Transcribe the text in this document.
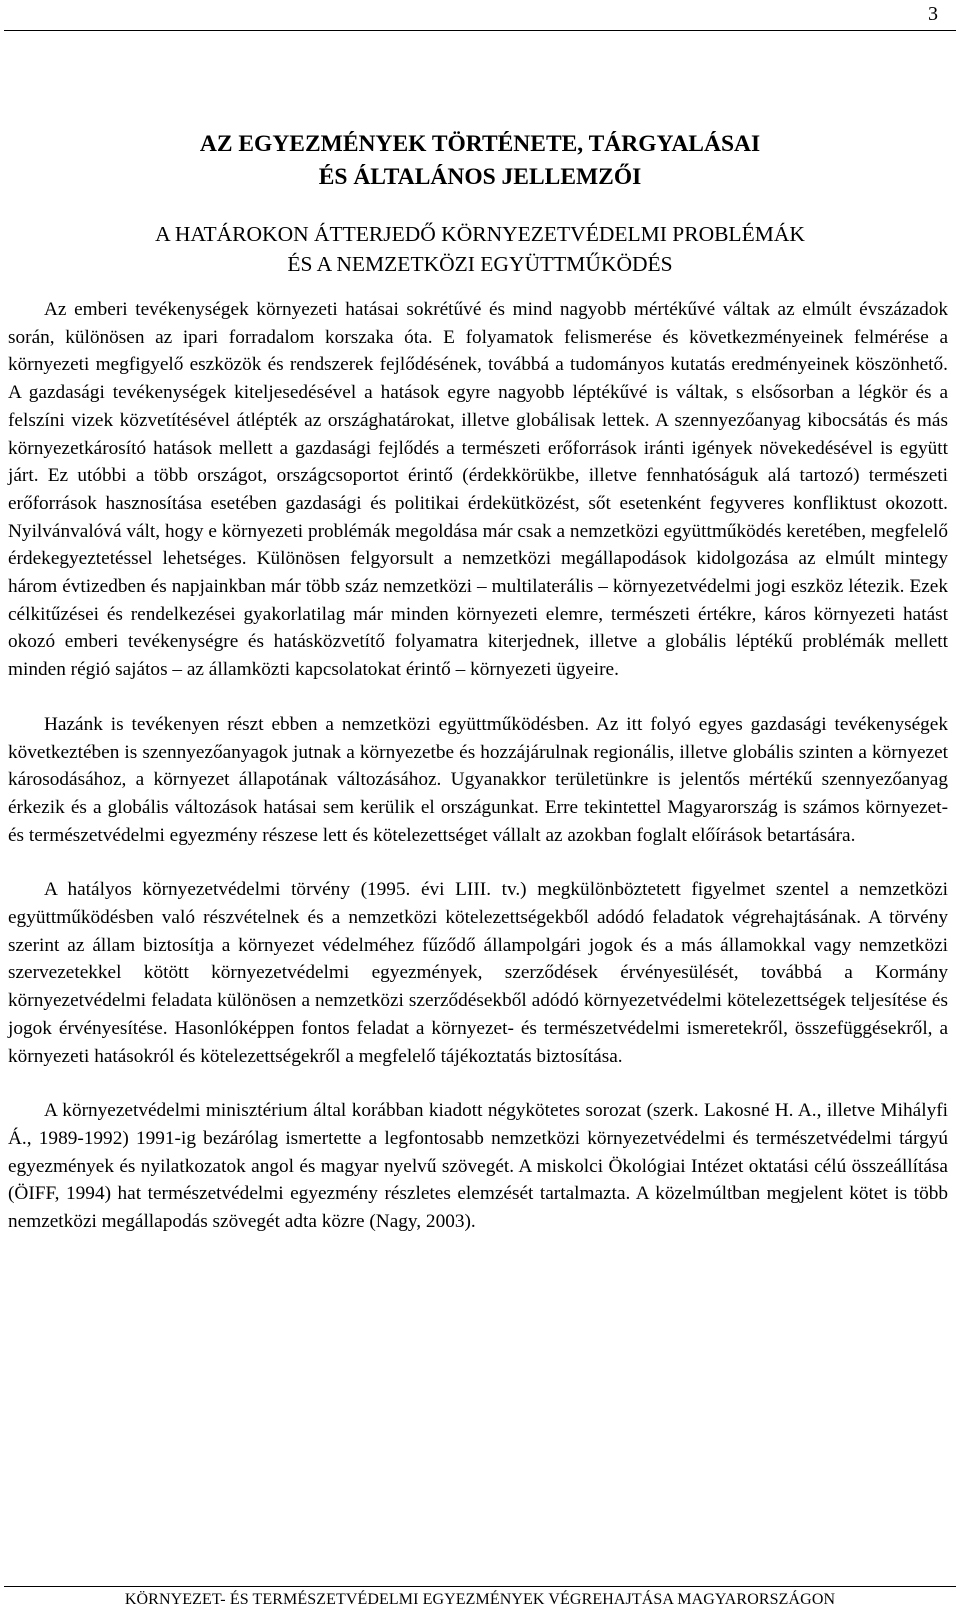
3
AZ EGYEZMÉNYEK TÖRTÉNETE, TÁRGYALÁSAI
ÉS ÁLTALÁNOS JELLEMZŐI
A HATÁROKON ÁTTERJEDŐ KÖRNYEZETVÉDELMI PROBLÉMÁK
ÉS A NEMZETKÖZI EGYÜTTMŰKÖDÉS

Az emberi tevékenységek környezeti hatásai sokrétűvé és mind nagyobb mértékűvé váltak az elmúlt évszázadok során, különösen az ipari forradalom korszaka óta. E folyamatok felismerése és következményeinek felmérése a környezeti megfigyelő eszközök és rendszerek fejlődésének, továbbá a tudományos kutatás eredményeinek köszönhető. A gazdasági tevékenységek kiteljesedésével a hatások egyre nagyobb léptékűvé is váltak, s elsősorban a légkör és a felszíni vizek közvetítésével átlépték az országhatárokat, illetve globálisak lettek. A szennyezőanyag kibocsátás és más környezetkárosító hatások mellett a gazdasági fejlődés a természeti erőforrások iránti igények növekedésével is együtt járt. Ez utóbbi a több országot, országcsoportot érintő (érdekkörükbe, illetve fennhatóságuk alá tartozó) természeti erőforrások hasznosítása esetében gazdasági és politikai érdekütközést, sőt esetenként fegyveres konfliktust okozott. Nyilvánvalóvá vált, hogy e környezeti problémák megoldása már csak a nemzetközi együttműködés keretében, megfelelő érdekegyeztetéssel lehetséges. Különösen felgyorsult a nemzetközi megállapodások kidolgozása az elmúlt mintegy három évtizedben és napjainkban már több száz nemzetközi – multilaterális – környezetvédelmi jogi eszköz létezik. Ezek célkitűzései és rendelkezései gyakorlatilag már minden környezeti elemre, természeti értékre, káros környezeti hatást okozó emberi tevékenységre és hatásközvetítő folyamatra kiterjednek, illetve a globális léptékű problémák mellett minden régió sajátos – az államközti kapcsolatokat érintő – környezeti ügyeire.

Hazánk is tevékenyen részt ebben a nemzetközi együttműködésben. Az itt folyó egyes gazdasági tevékenységek következtében is szennyezőanyagok jutnak a környezetbe és hozzájárulnak regionális, illetve globális szinten a környezet károsodásához, a környezet állapotának változásához. Ugyanakkor területünkre is jelentős mértékű szennyezőanyag érkezik és a globális változások hatásai sem kerülik el országunkat. Erre tekintettel Magyarország is számos környezet- és természetvédelmi egyezmény részese lett és kötelezettséget vállalt az azokban foglalt előírások betartására.

A hatályos környezetvédelmi törvény (1995. évi LIII. tv.) megkülönböztetett figyelmet szentel a nemzetközi együttműködésben való részvételnek és a nemzetközi kötelezettségekből adódó feladatok végrehajtásának. A törvény szerint az állam biztosítja a környezet védelméhez fűződő állampolgári jogok és a más államokkal vagy nemzetközi szervezetekkel kötött környezetvédelmi egyezmények, szerződések érvényesülését, továbbá a Kormány környezetvédelmi feladata különösen a nemzetközi szerződésekből adódó környezetvédelmi kötelezettségek teljesítése és jogok érvényesítése. Hasonlóképpen fontos feladat a környezet- és természetvédelmi ismeretekről, összefüggésekről, a környezeti hatásokról és kötelezettségekről a megfelelő tájékoztatás biztosítása.

A környezetvédelmi minisztérium által korábban kiadott négykötetes sorozat (szerk. Lakosné H. A., illetve Mihályfi Á., 1989-1992) 1991-ig bezárólag ismertette a legfontosabb nemzetközi környezetvédelmi és természetvédelmi tárgyú egyezmények és nyilatkozatok angol és magyar nyelvű szövegét. A miskolci Ökológiai Intézet oktatási célú összeállítása (ÖIFF, 1994) hat természetvédelmi egyezmény részletes elemzését tartalmazta. A közelmúltban megjelent kötet is több nemzetközi megállapodás szövegét adta közre (Nagy, 2003).

KÖRNYEZET- ÉS TERMÉSZETVÉDELMI EGYEZMÉNYEK VÉGREHAJTÁSA MAGYARORSZÁGON
